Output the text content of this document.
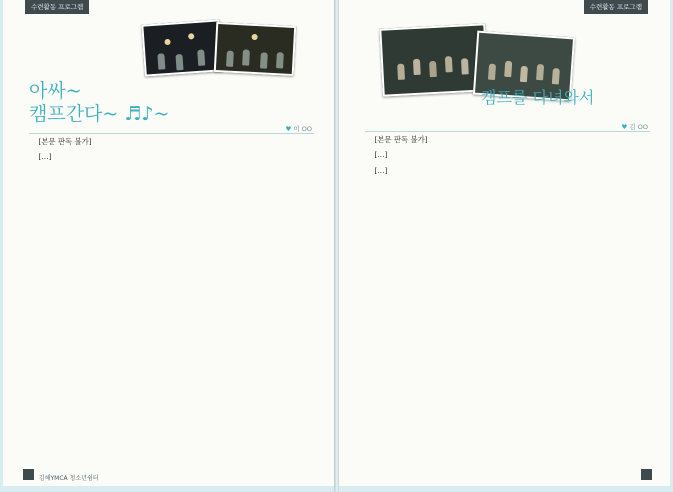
수련활동 프로그램
아싸~
캠프간다~ ♬♪~
♥ 이 OO

[본문 판독 불가]

[…]

김해YMCA 청소년쉼터
수련활동 프로그램
캠프를 다녀와서
♥ 김 OO

[본문 판독 불가]

[…]

[…]
